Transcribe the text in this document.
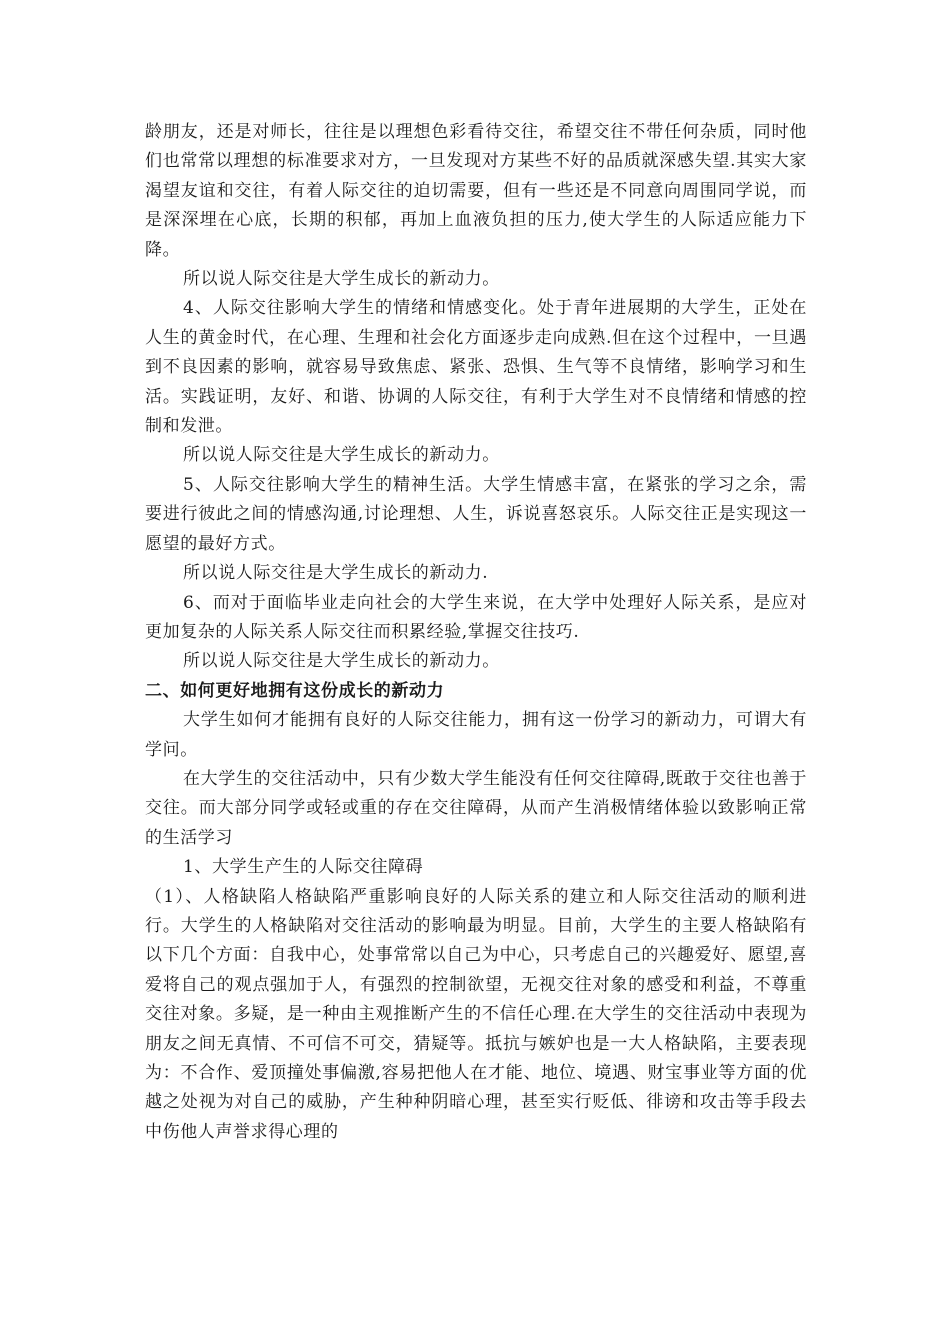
龄朋友，还是对师长，往往是以理想色彩看待交往，希望交往不带任何杂质，同时他们也常常以理想的标准要求对方，一旦发现对方某些不好的品质就深感失望.其实大家渴望友谊和交往，有着人际交往的迫切需要，但有一些还是不同意向周围同学说，而是深深埋在心底，长期的积郁，再加上血液负担的压力,使大学生的人际适应能力下降。

所以说人际交往是大学生成长的新动力。

4、人际交往影响大学生的情绪和情感变化。处于青年进展期的大学生，正处在人生的黄金时代，在心理、生理和社会化方面逐步走向成熟.但在这个过程中，一旦遇到不良因素的影响，就容易导致焦虑、紧张、恐惧、生气等不良情绪，影响学习和生活。实践证明，友好、和谐、协调的人际交往，有利于大学生对不良情绪和情感的控制和发泄。

所以说人际交往是大学生成长的新动力。

5、人际交往影响大学生的精神生活。大学生情感丰富，在紧张的学习之余，需要进行彼此之间的情感沟通,讨论理想、人生，诉说喜怒哀乐。人际交往正是实现这一愿望的最好方式。

所以说人际交往是大学生成长的新动力.

6、而对于面临毕业走向社会的大学生来说，在大学中处理好人际关系，是应对更加复杂的人际关系人际交往而积累经验,掌握交往技巧.

所以说人际交往是大学生成长的新动力。

二、如何更好地拥有这份成长的新动力

大学生如何才能拥有良好的人际交往能力，拥有这一份学习的新动力，可谓大有学问。

在大学生的交往活动中，只有少数大学生能没有任何交往障碍,既敢于交往也善于交往。而大部分同学或轻或重的存在交往障碍，从而产生消极情绪体验以致影响正常的生活学习

1、大学生产生的人际交往障碍

（1）、人格缺陷人格缺陷严重影响良好的人际关系的建立和人际交往活动的顺利进行。大学生的人格缺陷对交往活动的影响最为明显。目前，大学生的主要人格缺陷有以下几个方面：自我中心，处事常常以自己为中心，只考虑自己的兴趣爱好、愿望,喜爱将自己的观点强加于人，有强烈的控制欲望，无视交往对象的感受和利益，不尊重交往对象。多疑，是一种由主观推断产生的不信任心理.在大学生的交往活动中表现为朋友之间无真情、不可信不可交，猜疑等。抵抗与嫉妒也是一大人格缺陷，主要表现为：不合作、爱顶撞处事偏激,容易把他人在才能、地位、境遇、财宝事业等方面的优越之处视为对自己的威胁，产生种种阴暗心理，甚至实行贬低、徘谤和攻击等手段去中伤他人声誉求得心理的
